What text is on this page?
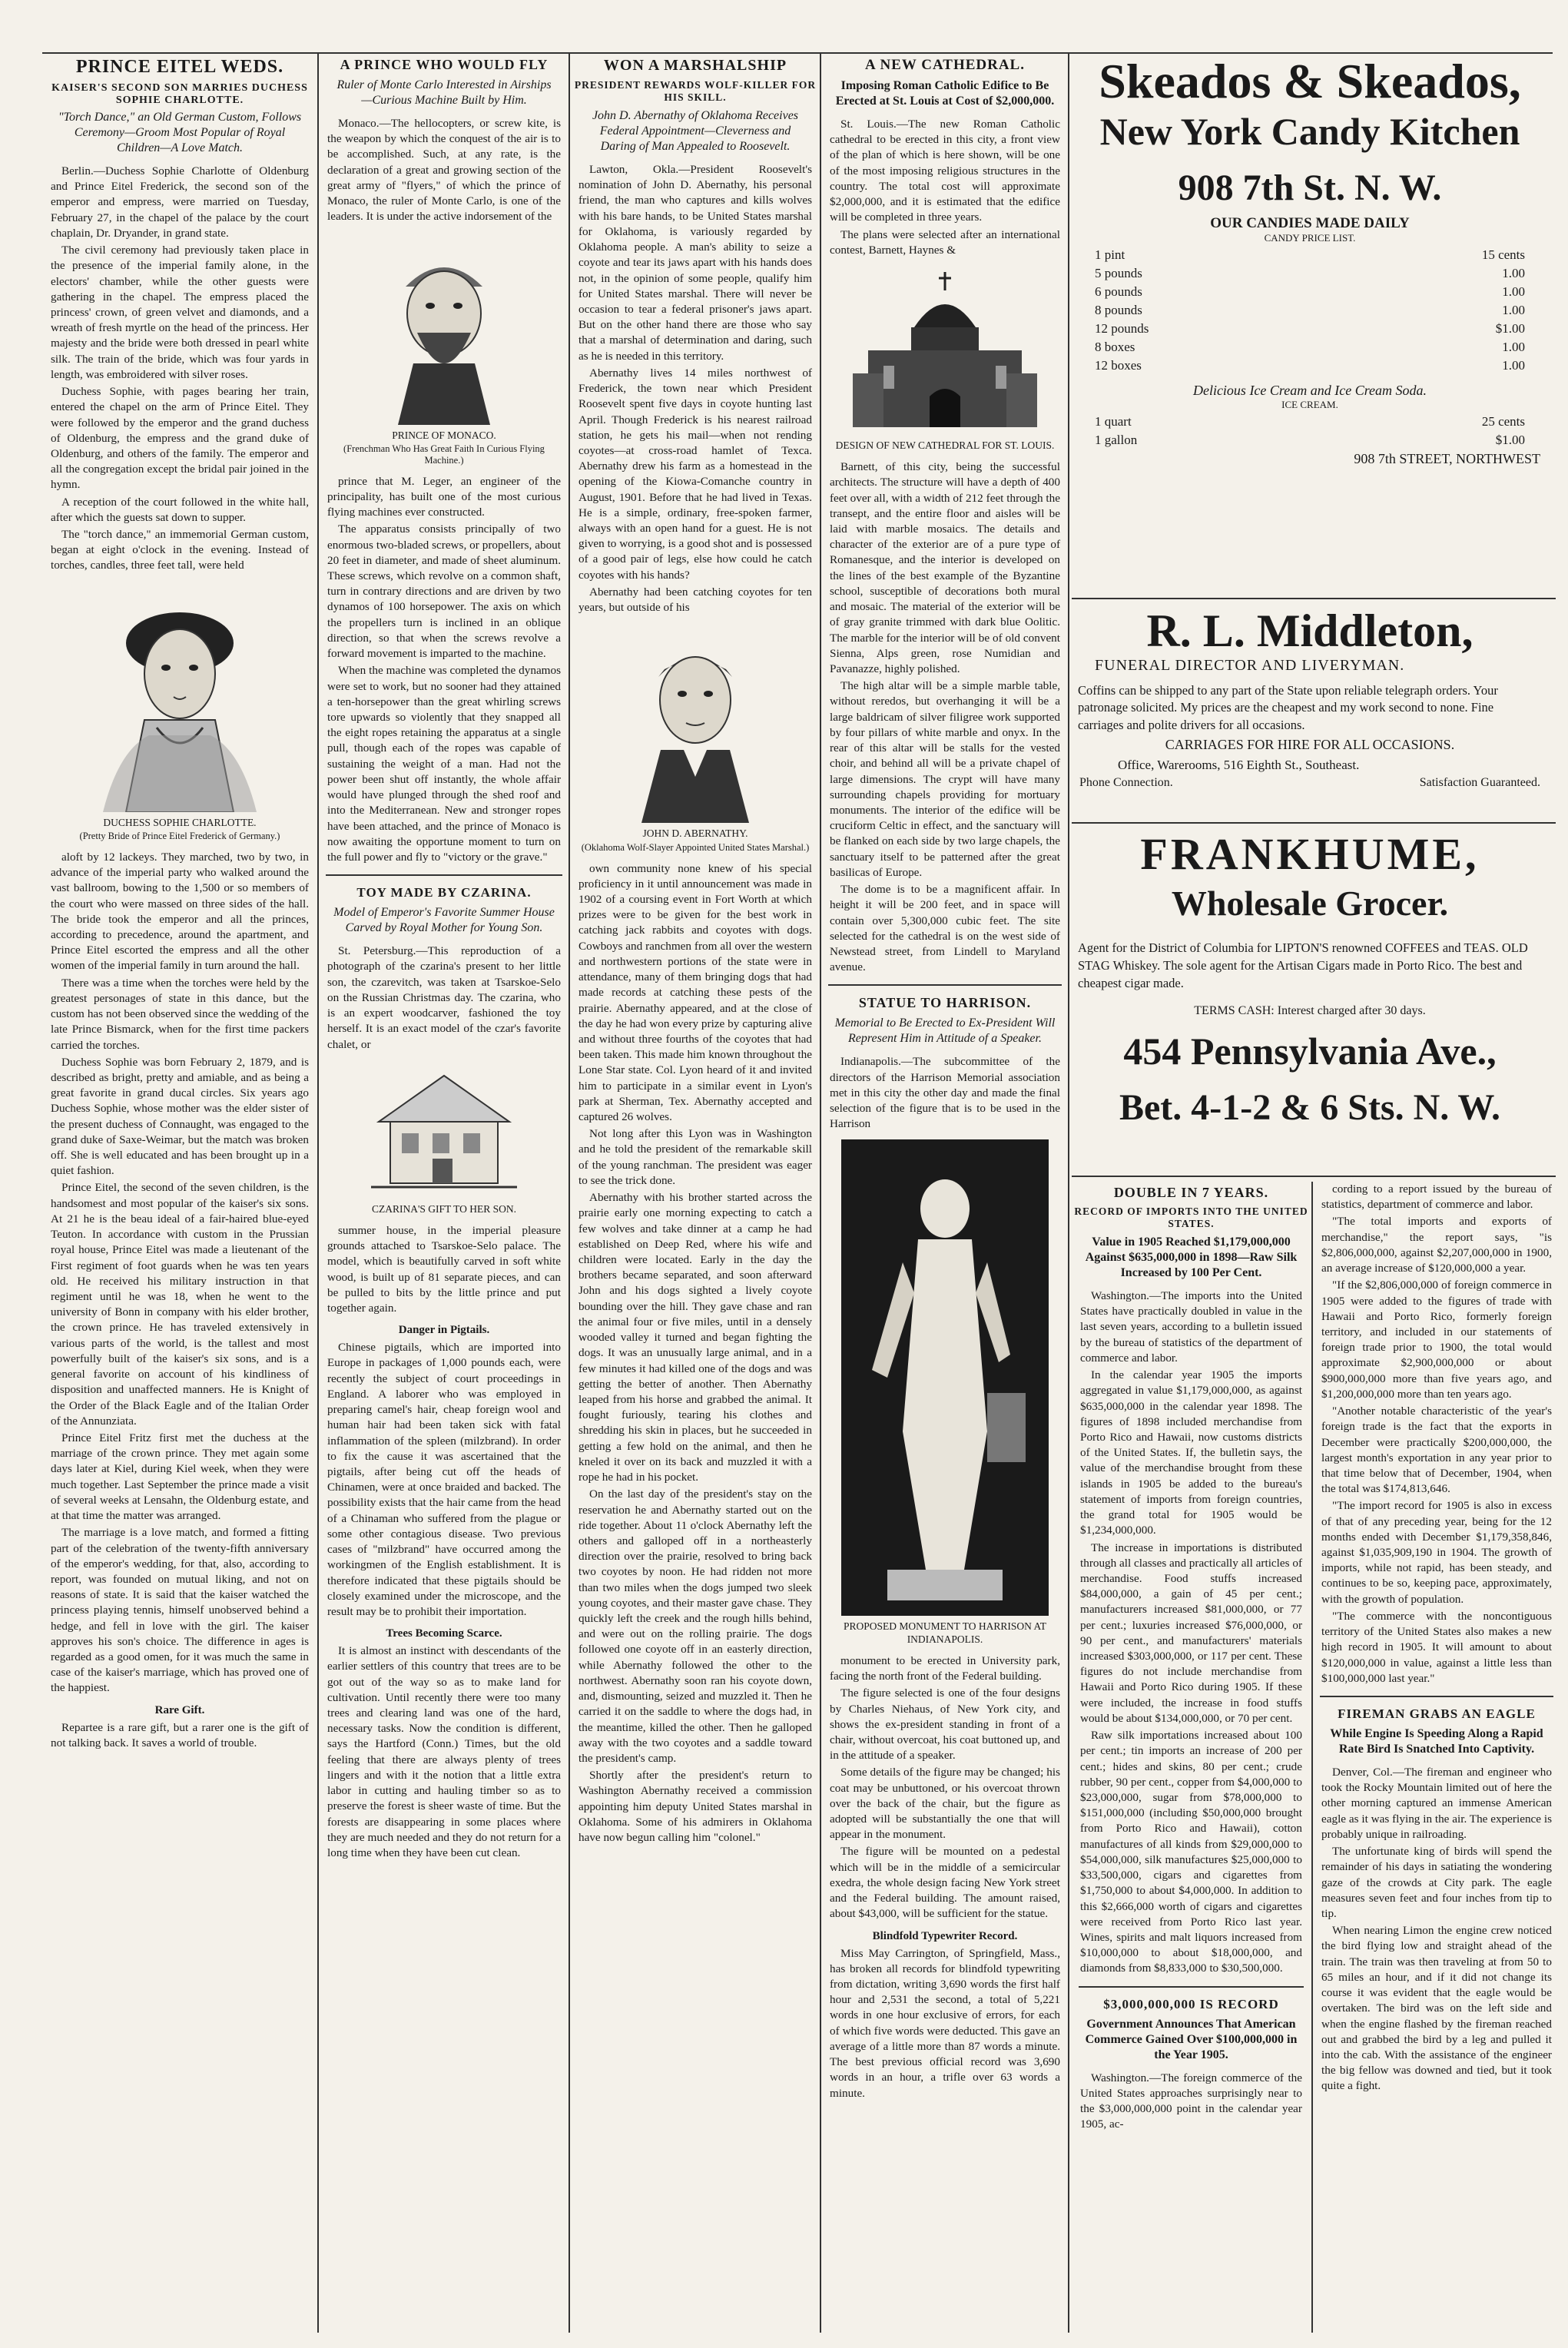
PRINCE EITEL WEDS.
KAISER'S SECOND SON MARRIES DUCHESS SOPHIE CHARLOTTE.
"Torch Dance," an Old German Custom, Follows Ceremony—Groom Most Popular of Royal Children—A Love Match.

Berlin.—Duchess Sophie Charlotte of Oldenburg and Prince Eitel Frederick, the second son of the emperor and empress, were married on Tuesday, February 27, in the chapel of the palace by the court chaplain, Dr. Dryander, in grand state.

The civil ceremony had previously taken place in the presence of the imperial family alone, in the electors' chamber, while the other guests were gathering in the chapel. The empress placed the princess' crown, of green velvet and diamonds, and a wreath of fresh myrtle on the head of the princess. Her majesty and the bride were both dressed in pearl white silk. The train of the bride, which was four yards in length, was embroidered with silver roses.

Duchess Sophie, with pages bearing her train, entered the chapel on the arm of Prince Eitel. They were followed by the emperor and the grand duchess of Oldenburg, the empress and the grand duke of Oldenburg, and others of the family. The emperor and all the congregation except the bridal pair joined in the hymn.

A reception of the court followed in the white hall, after which the guests sat down to supper.

The "torch dance," an immemorial German custom, began at eight o'clock in the evening. Instead of torches, candles, three feet tall, were held

DUCHESS SOPHIE CHARLOTTE.
(Pretty Bride of Prince Eitel Frederick of Germany.)

aloft by 12 lackeys. They marched, two by two, in advance of the imperial party who walked around the vast ballroom, bowing to the 1,500 or so members of the court who were massed on three sides of the hall. The bride took the emperor and all the princes, according to precedence, around the apartment, and Prince Eitel escorted the empress and all the other women of the imperial family in turn around the hall.

There was a time when the torches were held by the greatest personages of state in this dance, but the custom has not been observed since the wedding of the late Prince Bismarck, when for the first time packers carried the torches.

Duchess Sophie was born February 2, 1879, and is described as bright, pretty and amiable, and as being a great favorite in grand ducal circles. Six years ago Duchess Sophie, whose mother was the elder sister of the present duchess of Connaught, was engaged to the grand duke of Saxe-Weimar, but the match was broken off. She is well educated and has been brought up in a quiet fashion.

Prince Eitel, the second of the seven children, is the handsomest and most popular of the kaiser's six sons. At 21 he is the beau ideal of a fair-haired blue-eyed Teuton. In accordance with custom in the Prussian royal house, Prince Eitel was made a lieutenant of the First regiment of foot guards when he was ten years old. He received his military instruction in that regiment until he was 18, when he went to the university of Bonn in company with his elder brother, the crown prince. He has traveled extensively in various parts of the world, is the tallest and most powerfully built of the kaiser's six sons, and is a general favorite on account of his kindliness of disposition and unaffected manners. He is Knight of the Order of the Black Eagle and of the Italian Order of the Annunziata.

Prince Eitel Fritz first met the duchess at the marriage of the crown prince. They met again some days later at Kiel, during Kiel week, when they were much together. Last September the prince made a visit of several weeks at Lensahn, the Oldenburg estate, and at that time the matter was arranged.

The marriage is a love match, and formed a fitting part of the celebration of the twenty-fifth anniversary of the emperor's wedding, for that, also, according to report, was founded on mutual liking, and not on reasons of state. It is said that the kaiser watched the princess playing tennis, himself unobserved behind a hedge, and fell in love with the girl. The kaiser approves his son's choice. The difference in ages is regarded as a good omen, for it was much the same in case of the kaiser's marriage, which has proved one of the happiest.

Rare Gift.

Repartee is a rare gift, but a rarer one is the gift of not talking back. It saves a world of trouble.

A PRINCE WHO WOULD FLY
Ruler of Monte Carlo Interested in Airships—Curious Machine Built by Him.

Monaco.—The hellocopters, or screw kite, is the weapon by which the conquest of the air is to be accomplished. Such, at any rate, is the declaration of a great and growing section of the great army of "flyers," of which the prince of Monaco, the ruler of Monte Carlo, is one of the leaders. It is under the active indorsement of the

PRINCE OF MONACO.
(Frenchman Who Has Great Faith In Curious Flying Machine.)

prince that M. Leger, an engineer of the principality, has built one of the most curious flying machines ever constructed.

The apparatus consists principally of two enormous two-bladed screws, or propellers, about 20 feet in diameter, and made of sheet aluminum. These screws, which revolve on a common shaft, turn in contrary directions and are driven by two dynamos of 100 horsepower. The axis on which the propellers turn is inclined in an oblique direction, so that when the screws revolve a forward movement is imparted to the machine.

When the machine was completed the dynamos were set to work, but no sooner had they attained a ten-horsepower than the great whirling screws tore upwards so violently that they snapped all the eight ropes retaining the apparatus at a single pull, though each of the ropes was capable of sustaining the weight of a man. Had not the power been shut off instantly, the whole affair would have plunged through the shed roof and into the Mediterranean. New and stronger ropes have been attached, and the prince of Monaco is now awaiting the opportune moment to turn on the full power and fly to "victory or the grave."

TOY MADE BY CZARINA.
Model of Emperor's Favorite Summer House Carved by Royal Mother for Young Son.

St. Petersburg.—This reproduction of a photograph of the czarina's present to her little son, the czarevitch, was taken at Tsarskoe-Selo on the Russian Christmas day. The czarina, who is an expert woodcarver, fashioned the toy herself. It is an exact model of the czar's favorite chalet, or

CZARINA'S GIFT TO HER SON.

summer house, in the imperial pleasure grounds attached to Tsarskoe-Selo palace. The model, which is beautifully carved in soft white wood, is built up of 81 separate pieces, and can be pulled to bits by the little prince and put together again.

Danger in Pigtails.

Chinese pigtails, which are imported into Europe in packages of 1,000 pounds each, were recently the subject of court proceedings in England. A laborer who was employed in preparing camel's hair, cheap foreign wool and human hair had been taken sick with fatal inflammation of the spleen (milzbrand). In order to fix the cause it was ascertained that the pigtails, after being cut off the heads of Chinamen, were at once braided and backed. The possibility exists that the hair came from the head of a Chinaman who suffered from the plague or some other contagious disease. Two previous cases of "milzbrand" have occurred among the workingmen of the English establishment. It is therefore indicated that these pigtails should be closely examined under the microscope, and the result may be to prohibit their importation.

Trees Becoming Scarce.

It is almost an instinct with descendants of the earlier settlers of this country that trees are to be got out of the way so as to make land for cultivation. Until recently there were too many trees and clearing land was one of the hard, necessary tasks. Now the condition is different, says the Hartford (Conn.) Times, but the old feeling that there are always plenty of trees lingers and with it the notion that a little extra labor in cutting and hauling timber so as to preserve the forest is sheer waste of time. But the forests are disappearing in some places where they are much needed and they do not return for a long time when they have been cut clean.

WON A MARSHALSHIP
PRESIDENT REWARDS WOLF-KILLER FOR HIS SKILL.
John D. Abernathy of Oklahoma Receives Federal Appointment—Cleverness and Daring of Man Appealed to Roosevelt.

Lawton, Okla.—President Roosevelt's nomination of John D. Abernathy, his personal friend, the man who captures and kills wolves with his bare hands, to be United States marshal for Oklahoma, is variously regarded by Oklahoma people. A man's ability to seize a coyote and tear its jaws apart with his hands does not, in the opinion of some people, qualify him for United States marshal. There will never be occasion to tear a federal prisoner's jaws apart. But on the other hand there are those who say that a marshal of determination and daring, such as he is needed in this territory.

Abernathy lives 14 miles northwest of Frederick, the town near which President Roosevelt spent five days in coyote hunting last April. Though Frederick is his nearest railroad station, he gets his mail—when not rending coyotes—at cross-road hamlet of Texca. Abernathy drew his farm as a homestead in the opening of the Kiowa-Comanche country in August, 1901. Before that he had lived in Texas. He is a simple, ordinary, free-spoken farmer, always with an open hand for a guest. He is not given to worrying, is a good shot and is possessed of a good pair of legs, else how could he catch coyotes with his hands?

Abernathy had been catching coyotes for ten years, but outside of his

JOHN D. ABERNATHY.
(Oklahoma Wolf-Slayer Appointed United States Marshal.)

own community none knew of his special proficiency in it until announcement was made in 1902 of a coursing event in Fort Worth at which prizes were to be given for the best work in catching jack rabbits and coyotes with dogs. Cowboys and ranchmen from all over the western and northwestern portions of the state were in attendance, many of them bringing dogs that had made records at catching these pests of the prairie. Abernathy appeared, and at the close of the day he had won every prize by capturing alive and without three fourths of the coyotes that had been taken. This made him known throughout the Lone Star state. Col. Lyon heard of it and invited him to participate in a similar event in Lyon's park at Sherman, Tex. Abernathy accepted and captured 26 wolves.

Not long after this Lyon was in Washington and he told the president of the remarkable skill of the young ranchman. The president was eager to see the trick done.

Abernathy with his brother started across the prairie early one morning expecting to catch a few wolves and take dinner at a camp he had established on Deep Red, where his wife and children were located. Early in the day the brothers became separated, and soon afterward John and his dogs sighted a lively coyote bounding over the hill. They gave chase and ran the animal four or five miles, until in a densely wooded valley it turned and began fighting the dogs. It was an unusually large animal, and in a few minutes it had killed one of the dogs and was getting the better of another. Then Abernathy leaped from his horse and grabbed the animal. It fought furiously, tearing his clothes and shredding his skin in places, but he succeeded in getting a few hold on the animal, and then he kneled it over on its back and muzzled it with a rope he had in his pocket.

On the last day of the president's stay on the reservation he and Abernathy started out on the ride together. About 11 o'clock Abernathy left the others and galloped off in a northeasterly direction over the prairie, resolved to bring back two coyotes by noon. He had ridden not more than two miles when the dogs jumped two sleek young coyotes, and their master gave chase. They quickly left the creek and the rough hills behind, and were out on the rolling prairie. The dogs followed one coyote off in an easterly direction, while Abernathy followed the other to the northwest. Abernathy soon ran his coyote down, and, dismounting, seized and muzzled it. Then he carried it on the saddle to where the dogs had, in the meantime, killed the other. Then he galloped away with the two coyotes and a saddle toward the president's camp.

Shortly after the president's return to Washington Abernathy received a commission appointing him deputy United States marshal in Oklahoma. Some of his admirers in Oklahoma have now begun calling him "colonel."

A NEW CATHEDRAL.
Imposing Roman Catholic Edifice to Be Erected at St. Louis at Cost of $2,000,000.

St. Louis.—The new Roman Catholic cathedral to be erected in this city, a front view of the plan of which is here shown, will be one of the most imposing religious structures in the country. The total cost will approximate $2,000,000, and it is estimated that the edifice will be completed in three years.

The plans were selected after an international contest, Barnett, Haynes &

DESIGN OF NEW CATHEDRAL FOR ST. LOUIS.

Barnett, of this city, being the successful architects. The structure will have a depth of 400 feet over all, with a width of 212 feet through the transept, and the entire floor and aisles will be laid with marble mosaics. The details and character of the exterior are of a pure type of Romanesque, and the interior is developed on the lines of the best example of the Byzantine school, susceptible of decorations both mural and mosaic. The material of the exterior will be of gray granite trimmed with dark blue Oolitic. The marble for the interior will be of old convent Sienna, Alps green, rose Numidian and Pavanazze, highly polished.

The high altar will be a simple marble table, without reredos, but overhanging it will be a large baldricam of silver filigree work supported by four pillars of white marble and onyx. In the rear of this altar will be stalls for the vested choir, and behind all will be a private chapel of large dimensions. The crypt will have many surrounding chapels providing for mortuary monuments. The interior of the edifice will be cruciform Celtic in effect, and the sanctuary will be flanked on each side by two large chapels, the sanctuary itself to be patterned after the great basilicas of Europe.

The dome is to be a magnificent affair. In height it will be 200 feet, and in space will contain over 5,300,000 cubic feet. The site selected for the cathedral is on the west side of Newstead street, from Lindell to Maryland avenue.

STATUE TO HARRISON.
Memorial to Be Erected to Ex-President Will Represent Him in Attitude of a Speaker.

Indianapolis.—The subcommittee of the directors of the Harrison Memorial association met in this city the other day and made the final selection of the figure that is to be used in the Harrison

PROPOSED MONUMENT TO HARRISON AT INDIANAPOLIS.

monument to be erected in University park, facing the north front of the Federal building.

The figure selected is one of the four designs by Charles Niehaus, of New York city, and shows the ex-president standing in front of a chair, without overcoat, his coat buttoned up, and in the attitude of a speaker.

Some details of the figure may be changed; his coat may be unbuttoned, or his overcoat thrown over the back of the chair, but the figure as adopted will be substantially the one that will appear in the monument.

The figure will be mounted on a pedestal which will be in the middle of a semicircular exedra, the whole design facing New York street and the Federal building. The amount raised, about $43,000, will be sufficient for the statue.

Blindfold Typewriter Record.

Miss May Carrington, of Springfield, Mass., has broken all records for blindfold typewriting from dictation, writing 3,690 words the first half hour and 2,531 the second, a total of 5,221 words in one hour exclusive of errors, for each of which five words were deducted. This gave an average of a little more than 87 words a minute. The best previous official record was 3,690 words in an hour, a trifle over 63 words a minute.

Skeados & Skeados,
New York Candy Kitchen
908 7th St. N. W.
OUR CANDIES MADE DAILY
CANDY PRICE LIST.
1 pint	15 cents
5 pounds	1.00
6 pounds	1.00
8 pounds	1.00
12 pounds	$1.00
8 boxes	1.00
12 boxes	1.00
Delicious Ice Cream and Ice Cream Soda.
ICE CREAM.
1 quart	25 cents
1 gallon	$1.00
908 7th STREET, NORTHWEST
R. L. Middleton,
FUNERAL DIRECTOR AND LIVERYMAN.
Coffins can be shipped to any part of the State upon reliable telegraph orders. Your patronage solicited. My prices are the cheapest and my work second to none. Fine carriages and polite drivers for all occasions.
CARRIAGES FOR HIRE FOR ALL OCCASIONS.
Office, Warerooms, 516 Eighth St., Southeast.
Phone Connection.	Satisfaction Guaranteed.
FRANKHUME,
Wholesale Grocer.
Agent for the District of Columbia for LIPTON'S renowned COFFEES and TEAS. OLD STAG Whiskey. The sole agent for the Artisan Cigars made in Porto Rico. The best and cheapest cigar made.
TERMS CASH: Interest charged after 30 days.
454 Pennsylvania Ave.,
Bet. 4-1-2 & 6 Sts. N. W.
DOUBLE IN 7 YEARS.
RECORD OF IMPORTS INTO THE UNITED STATES.
Value in 1905 Reached $1,179,000,000 Against $635,000,000 in 1898—Raw Silk Increased by 100 Per Cent.

Washington.—The imports into the United States have practically doubled in value in the last seven years, according to a bulletin issued by the bureau of statistics of the department of commerce and labor.

In the calendar year 1905 the imports aggregated in value $1,179,000,000, as against $635,000,000 in the calendar year 1898. The figures of 1898 included merchandise from Porto Rico and Hawaii, now customs districts of the United States. If, the bulletin says, the value of the merchandise brought from these islands in 1905 be added to the bureau's statement of imports from foreign countries, the grand total for 1905 would be $1,234,000,000.

The increase in importations is distributed through all classes and practically all articles of merchandise. Food stuffs increased $84,000,000, a gain of 45 per cent.; manufacturers increased $81,000,000, or 77 per cent.; luxuries increased $76,000,000, or 90 per cent., and manufacturers' materials increased $303,000,000, or 117 per cent. These figures do not include merchandise from Hawaii and Porto Rico during 1905. If these were included, the increase in food stuffs would be about $134,000,000, or 70 per cent.

Raw silk importations increased about 100 per cent.; tin imports an increase of 200 per cent.; hides and skins, 80 per cent.; crude rubber, 90 per cent., copper from $4,000,000 to $23,000,000, sugar from $78,000,000 to $151,000,000 (including $50,000,000 brought from Porto Rico and Hawaii), cotton manufactures of all kinds from $29,000,000 to $54,000,000, silk manufactures $25,000,000 to $33,500,000, cigars and cigarettes from $1,750,000 to about $4,000,000. In addition to this $2,666,000 worth of cigars and cigarettes were received from Porto Rico last year. Wines, spirits and malt liquors increased from $10,000,000 to about $18,000,000, and diamonds from $8,833,000 to $30,500,000.

$3,000,000,000 IS RECORD
Government Announces That American Commerce Gained Over $100,000,000 in the Year 1905.

Washington.—The foreign commerce of the United States approaches surprisingly near to the $3,000,000,000 point in the calendar year 1905, ac-

cording to a report issued by the bureau of statistics, department of commerce and labor.

"The total imports and exports of merchandise," the report says, "is $2,806,000,000, against $2,207,000,000 in 1900, an average increase of $120,000,000 a year.

"If the $2,806,000,000 of foreign commerce in 1905 were added to the figures of trade with Hawaii and Porto Rico, formerly foreign territory, and included in our statements of foreign trade prior to 1900, the total would approximate $2,900,000,000 or about $900,000,000 more than five years ago, and $1,200,000,000 more than ten years ago.

"Another notable characteristic of the year's foreign trade is the fact that the exports in December were practically $200,000,000, the largest month's exportation in any year prior to that time below that of December, 1904, when the total was $174,813,646.

"The import record for 1905 is also in excess of that of any preceding year, being for the 12 months ended with December $1,179,358,846, against $1,035,909,190 in 1904. The growth of imports, while not rapid, has been steady, and continues to be so, keeping pace, approximately, with the growth of population.

"The commerce with the noncontiguous territory of the United States also makes a new high record in 1905. It will amount to about $120,000,000 in value, against a little less than $100,000,000 last year."

FIREMAN GRABS AN EAGLE
While Engine Is Speeding Along a Rapid Rate Bird Is Snatched Into Captivity.

Denver, Col.—The fireman and engineer who took the Rocky Mountain limited out of here the other morning captured an immense American eagle as it was flying in the air. The experience is probably unique in railroading.

The unfortunate king of birds will spend the remainder of his days in satiating the wondering gaze of the crowds at City park. The eagle measures seven feet and four inches from tip to tip.

When nearing Limon the engine crew noticed the bird flying low and straight ahead of the train. The train was then traveling at from 50 to 65 miles an hour, and if it did not change its course it was evident that the eagle would be overtaken. The bird was on the left side and when the engine flashed by the fireman reached out and grabbed the bird by a leg and pulled it into the cab. With the assistance of the engineer the big fellow was downed and tied, but it took quite a fight.
